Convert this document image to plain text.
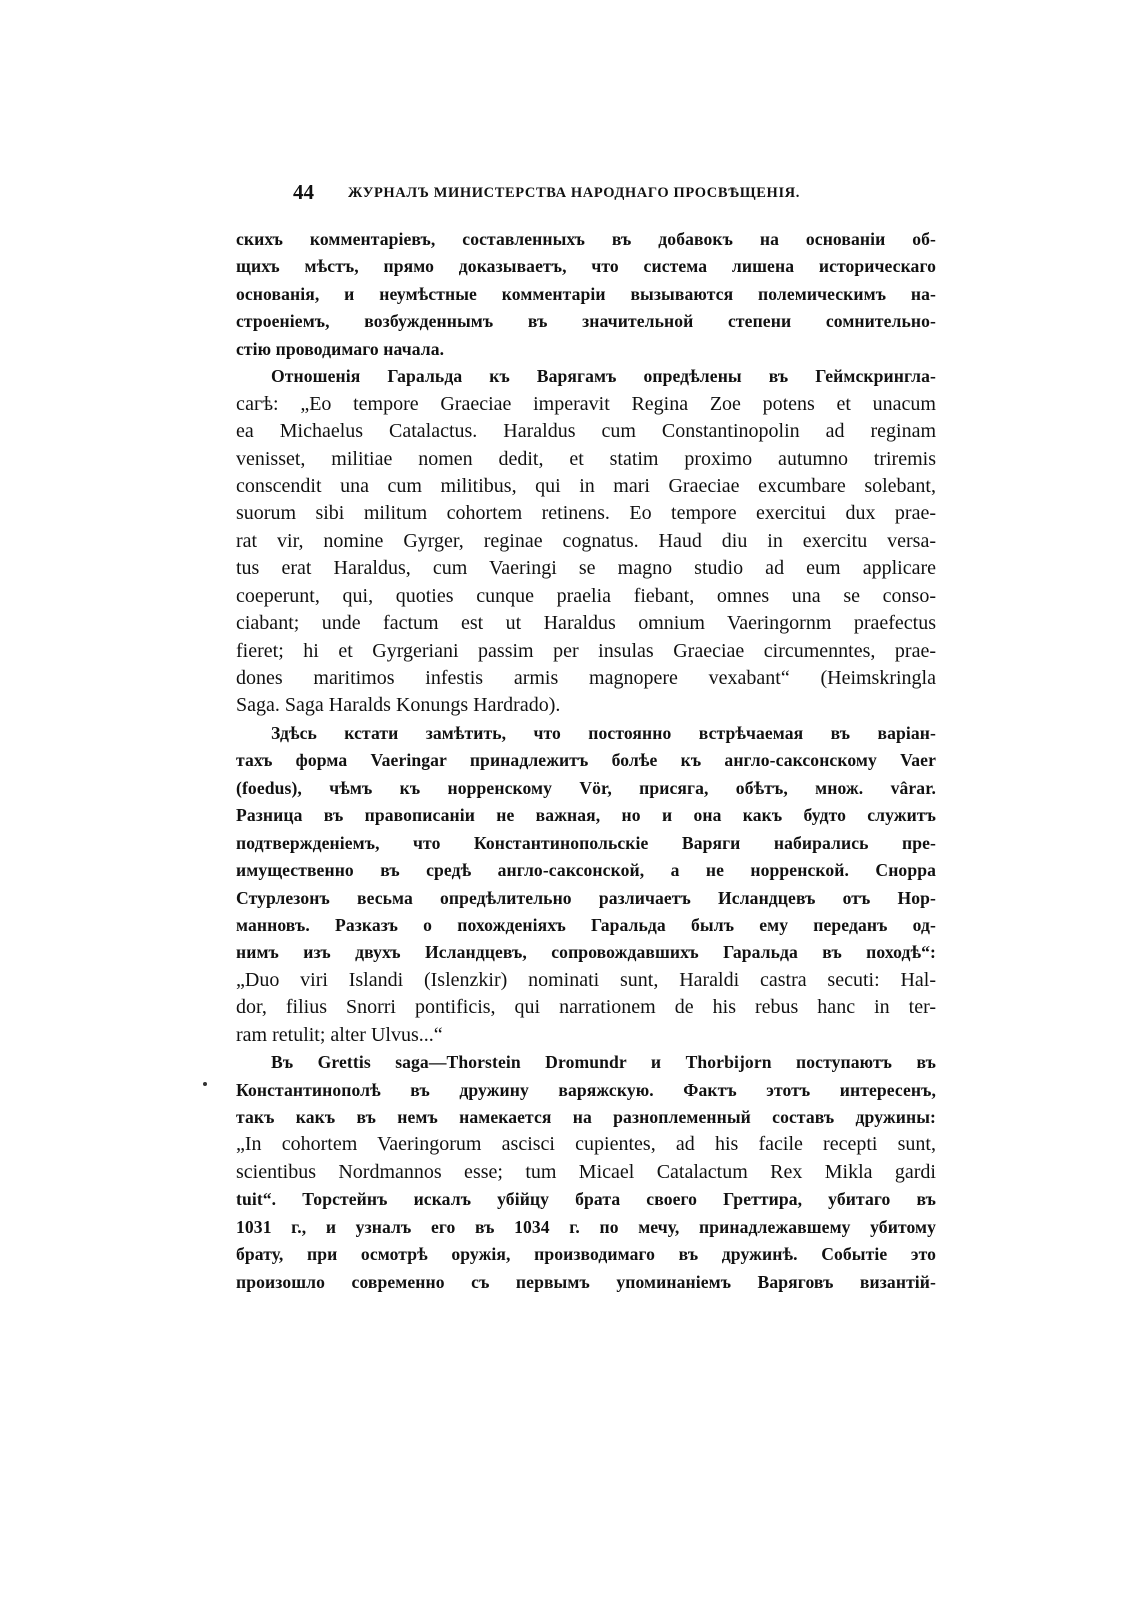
44 ЖУРНАЛЪ МИНИСТЕРСТВА НАРОДНАГО ПРОСВѢЩЕНІЯ.
скихъ комментаріевъ, составленныхъ въ добавокъ на основаніи об-
щихъ мѣстъ, прямо доказываетъ, что система лишена историческаго
основанія, и неумѣстные комментаріи вызываются полемическимъ на-
строеніемъ, возбужденнымъ въ значительной степени сомнительно-
стію проводимаго начала.
Отношенія Гаральда къ Варягамъ опредѣлены въ Геймскрингла-
сагѣ: „Eo tempore Graeciae imperavit Regina Zoe potens et unacum
ea Michaelus Catalactus. Haraldus cum Constantinopolin ad reginam
venisset, militiae nomen dedit, et statim proximo autumno triremis
conscendit una cum militibus, qui in mari Graeciae excumbare solebant,
suorum sibi militum cohortem retinens. Eo tempore exercitui dux prae-
rat vir, nomine Gyrger, reginae cognatus. Haud diu in exercitu versa-
tus erat Haraldus, cum Vaeringi se magno studio ad eum applicare
coeperunt, qui, quoties cunque praelia fiebant, omnes una se conso-
ciabant; unde factum est ut Haraldus omnium Vaeringornm praefectus
fieret; hi et Gyrgeriani passim per insulas Graeciae circumenntes, prae-
dones maritimos infestis armis magnopere vexabant“ (Heimskringla
Saga. Saga Haralds Konungs Hardrado).
Здѣсь кстати замѣтить, что постоянно встрѣчаемая въ варіан-
тахъ форма Vaeringar принадлежитъ болѣе къ англо-саксонскому Vaer
(foedus), чѣмъ къ норренскому Vör, присяга, обѣтъ, множ. vârar.
Разница въ правописаніи не важная, но и она какъ будто служитъ
подтвержденіемъ, что Константинопольскіе Варяги набирались пре-
имущественно въ средѣ англо-саксонской, а не норренской. Снорра
Стурлезонъ весьма опредѣлительно различаетъ Исландцевъ отъ Нор-
манновъ. Разказъ о похожденіяхъ Гаральда былъ ему переданъ од-
нимъ изъ двухъ Исландцевъ, сопровождавшихъ Гаральда въ походѣ“:
„Duo viri Islandi (Islenzkir) nominati sunt, Haraldi castra secuti: Hal-
dor, filius Snorri pontificis, qui narrationem de his rebus hanc in ter-
ram retulit; alter Ulvus...“
Въ Grettis saga—Thorstein Dromundr и Thorbijorn поступаютъ въ
Константинополѣ въ дружину варяжскую. Фактъ этотъ интересенъ,
такъ какъ въ немъ намекается на разноплеменный составъ дружины:
„In cohortem Vaeringorum ascisci cupientes, ad his facile recepti sunt,
scientibus Nordmannos esse; tum Micael Catalactum Rex Mikla gardi
tuit“. Торстейнъ искалъ убійцу брата своего Греттира, убитаго въ
1031 г., и узналъ его въ 1034 г. по мечу, принадлежавшему убитому
брату, при осмотрѣ оружія, производимаго въ дружинѣ. Событіе это
произошло современно съ первымъ упоминаніемъ Варяговъ византій-
